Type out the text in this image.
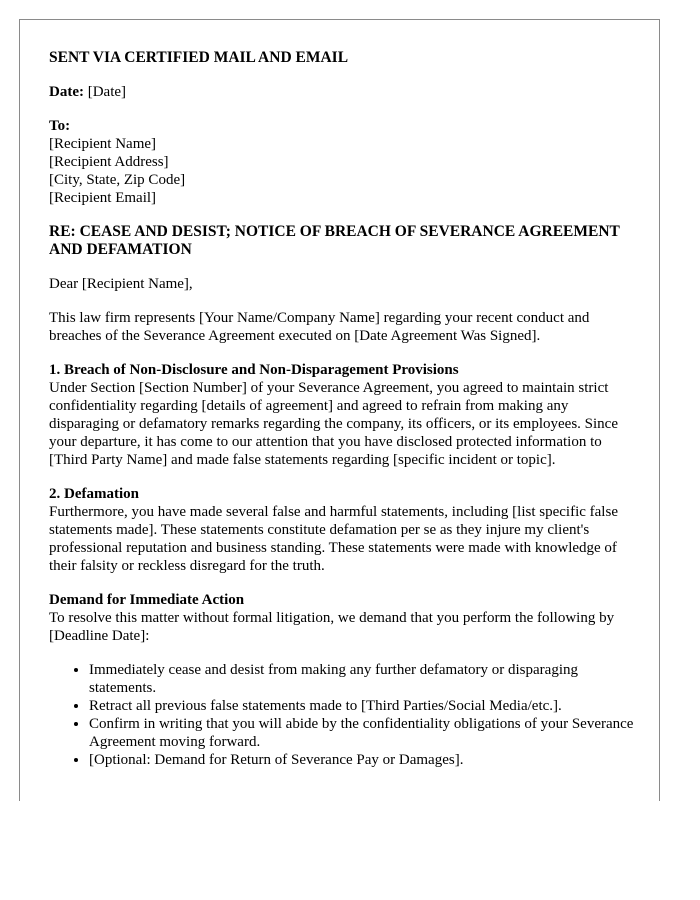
SENT VIA CERTIFIED MAIL AND EMAIL

Date: [Date]

To:

[Recipient Name]

[Recipient Address]

[City, State, Zip Code]

[Recipient Email]

RE: CEASE AND DESIST; NOTICE OF BREACH OF SEVERANCE AGREEMENT AND DEFAMATION

Dear [Recipient Name],

This law firm represents [Your Name/Company Name] regarding your recent conduct and breaches of the Severance Agreement executed on [Date Agreement Was Signed].

1. Breach of Non-Disclosure and Non-Disparagement Provisions

Under Section [Section Number] of your Severance Agreement, you agreed to maintain strict confidentiality regarding [details of agreement] and agreed to refrain from making any disparaging or defamatory remarks regarding the company, its officers, or its employees. Since your departure, it has come to our attention that you have disclosed protected information to [Third Party Name] and made false statements regarding [specific incident or topic].

2. Defamation

Furthermore, you have made several false and harmful statements, including [list specific false statements made]. These statements constitute defamation per se as they injure my client's professional reputation and business standing. These statements were made with knowledge of their falsity or reckless disregard for the truth.

Demand for Immediate Action

To resolve this matter without formal litigation, we demand that you perform the following by [Deadline Date]:

• Immediately cease and desist from making any further defamatory or disparaging statements.
• Retract all previous false statements made to [Third Parties/Social Media/etc.].
• Confirm in writing that you will abide by the confidentiality obligations of your Severance Agreement moving forward.
• [Optional: Demand for Return of Severance Pay or Damages].
